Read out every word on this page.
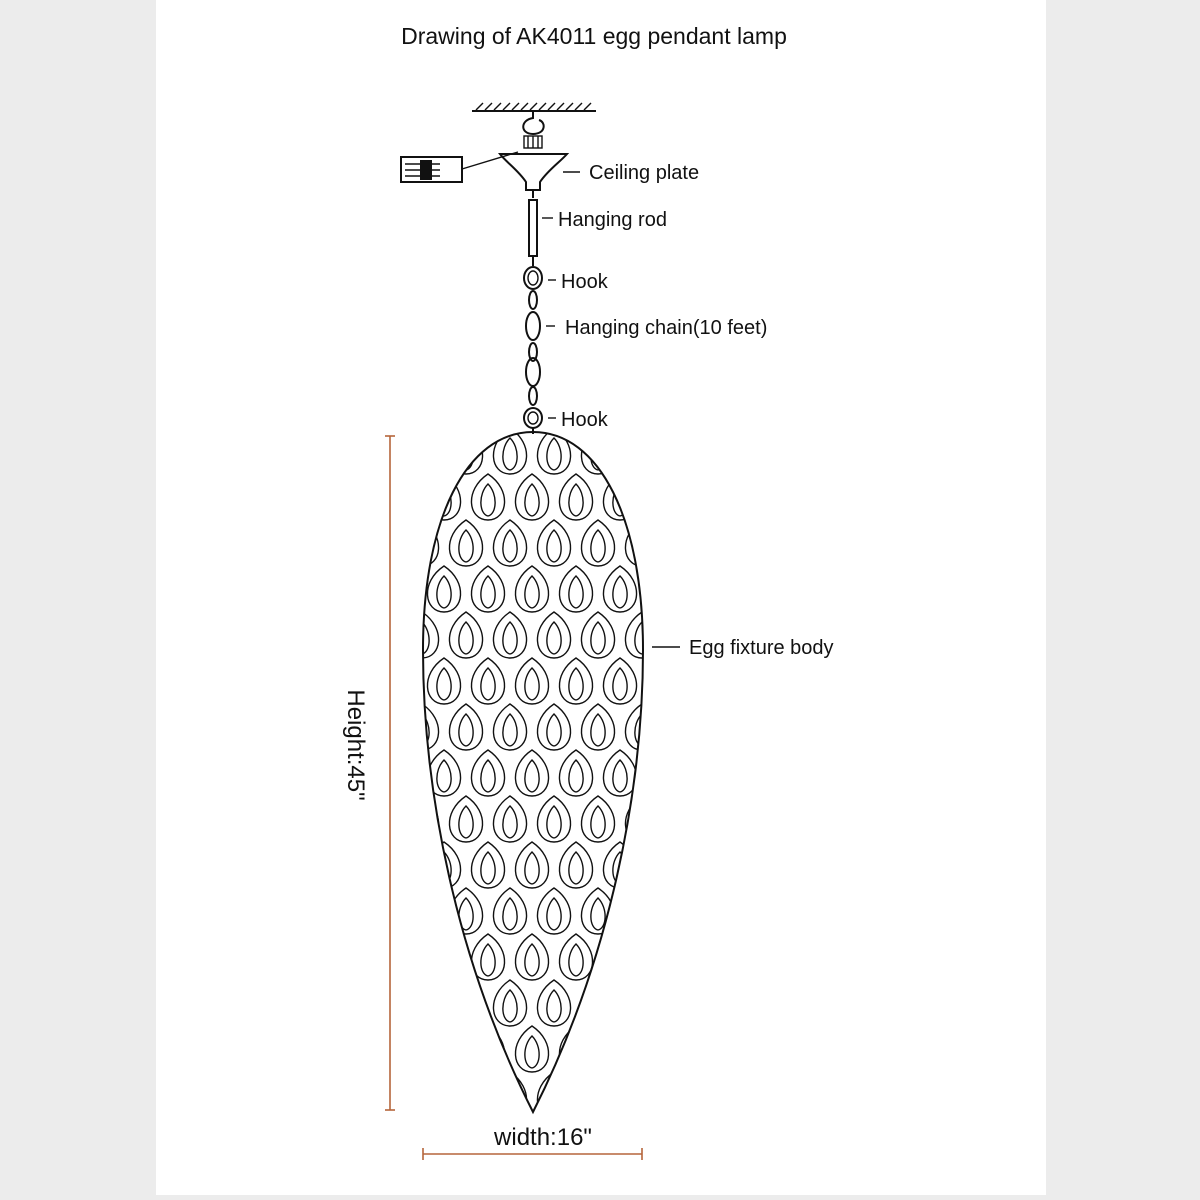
Drawing of AK4011 egg pendant lamp
Ceiling plate
Hanging rod
Hook
Hanging chain(10 feet)
Hook
Egg fixture body
Height:45"
width:16"
